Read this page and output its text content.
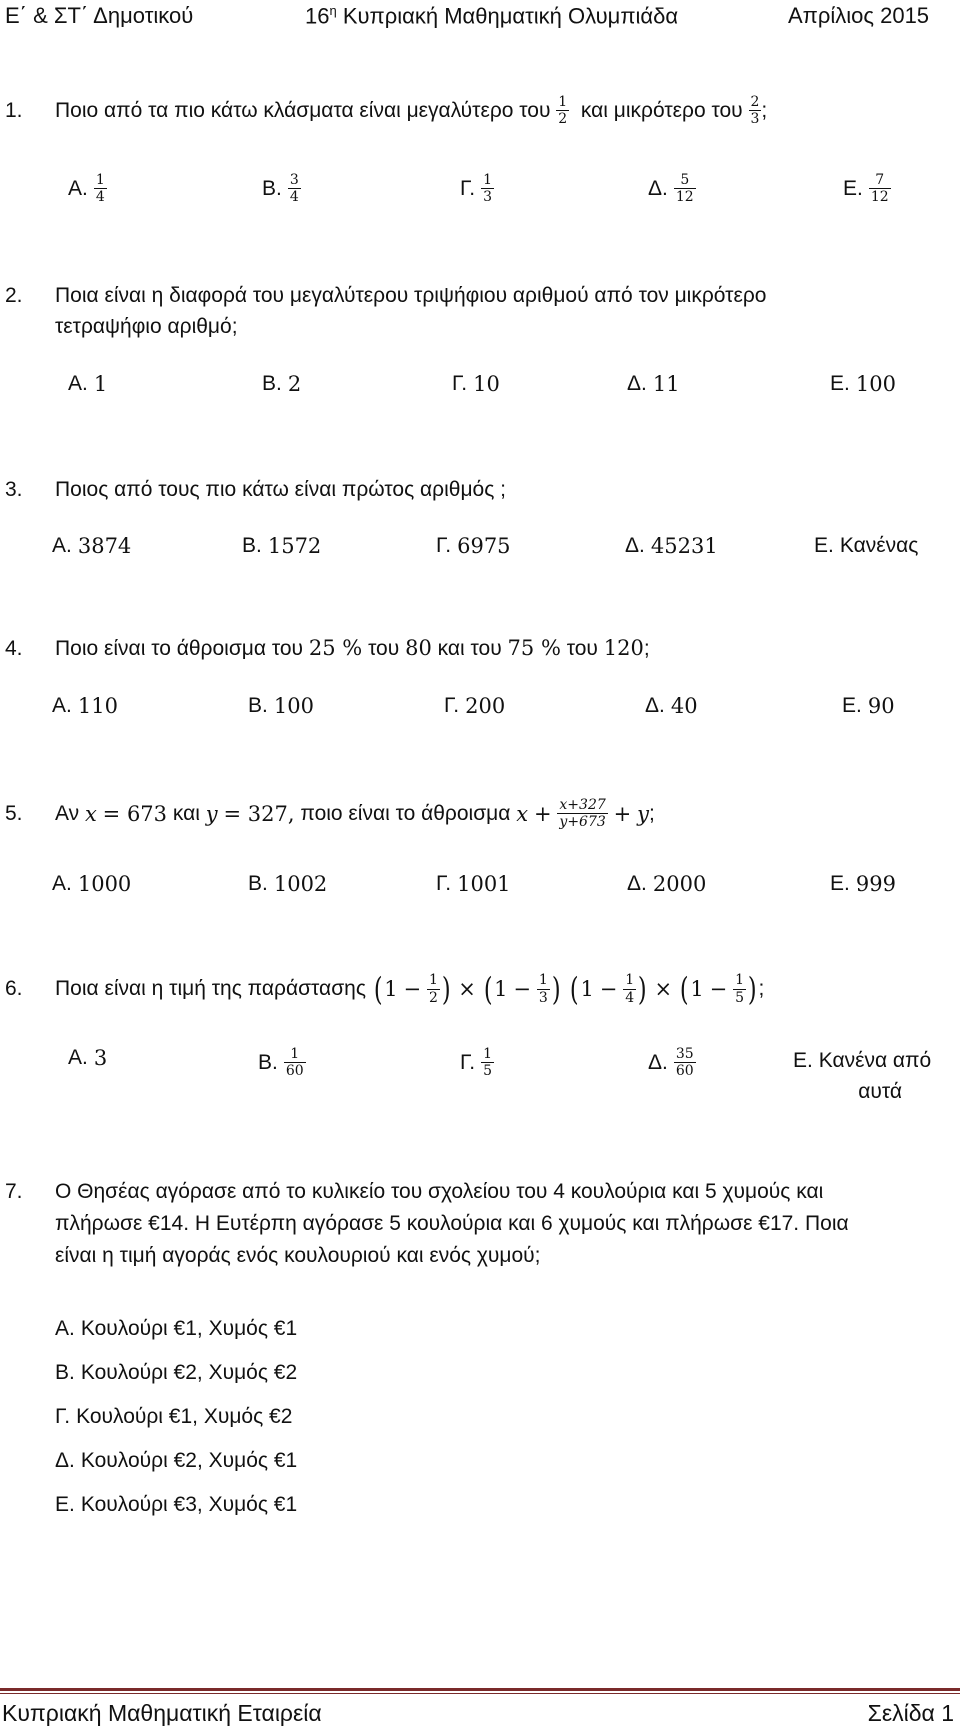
Ε΄ & ΣΤ΄ Δημοτικού	$16^\eta$ Κυπριακή Μαθηματική Ολυμπιάδα	Απρίλιος 2015
1.	Ποιο από τα πιο κάτω κλάσματα είναι μεγαλύτερο του
$\frac{1}{2}$
και μικρότερο του
$\frac{2}{3}$ ;
Α. $\frac{1}{4}$	Β. $\frac{3}{4}$	Γ. $\frac{1}{3}$	Δ. $\frac{5}{12}$	Ε. $\frac{7}{12}$
2. Ποια είναι η διαφορά του μεγαλύτερου τριψήφιου αριθμού από τον μικρότερο
τετραψήφιο αριθμό;
Α. 1	Β. 2	Γ. 10	Δ. 11	Ε. 100
3. Ποιος από τους πιο κάτω είναι πρώτος αριθμός ;
Α. 3874	Β. 1572	Γ. 6975	Δ. 45231	Ε. Κανένας
4. Ποιο είναι το άθροισμα του 25 % του 80 και του 75 % του 120;
Α. 110	Β. 100	Γ. 200	Δ. 40	Ε. 90
5.	Αν
x
= 673
και
y
= 327,
ποιο είναι το άθροισμα
x
+
$\frac{x+327}{y+673}$
+
y ;
Α. 1000	Β. 1002	Γ. 1001	Δ. 2000	Ε. 999
6.	Ποια είναι η τιμή της παράστασης
( 1
−
$\frac{1}{2}$ )
×
( 1
−
$\frac{1}{3}$ )
( 1
−
$\frac{1}{4}$ )
×
( 1
−
$\frac{1}{5}$ ) ;
Α. 3	Β. $\frac{1}{60}$	Γ. $\frac{1}{5}$	Δ. $\frac{35}{60}$	Ε. Κανένα από
αυτά
7. Ο Θησέας αγόρασε από το κυλικείο του σχολείου του 4 κουλούρια και 5 χυμούς και
πλήρωσε €14. Η Ευτέρπη αγόρασε 5 κουλούρια και 6 χυμούς και πλήρωσε €17. Ποια
είναι η τιμή αγοράς ενός κουλουριού και ενός χυμού;
Α. Κουλούρι €1, Χυμός €1
Β. Κουλούρι €2, Χυμός €2
Γ. Κουλούρι €1, Χυμός €2
Δ. Κουλούρι €2, Χυμός €1
Ε. Κουλούρι €3, Χυμός €1
Κυπριακή Μαθηματική Εταιρεία	Σελίδα 1
